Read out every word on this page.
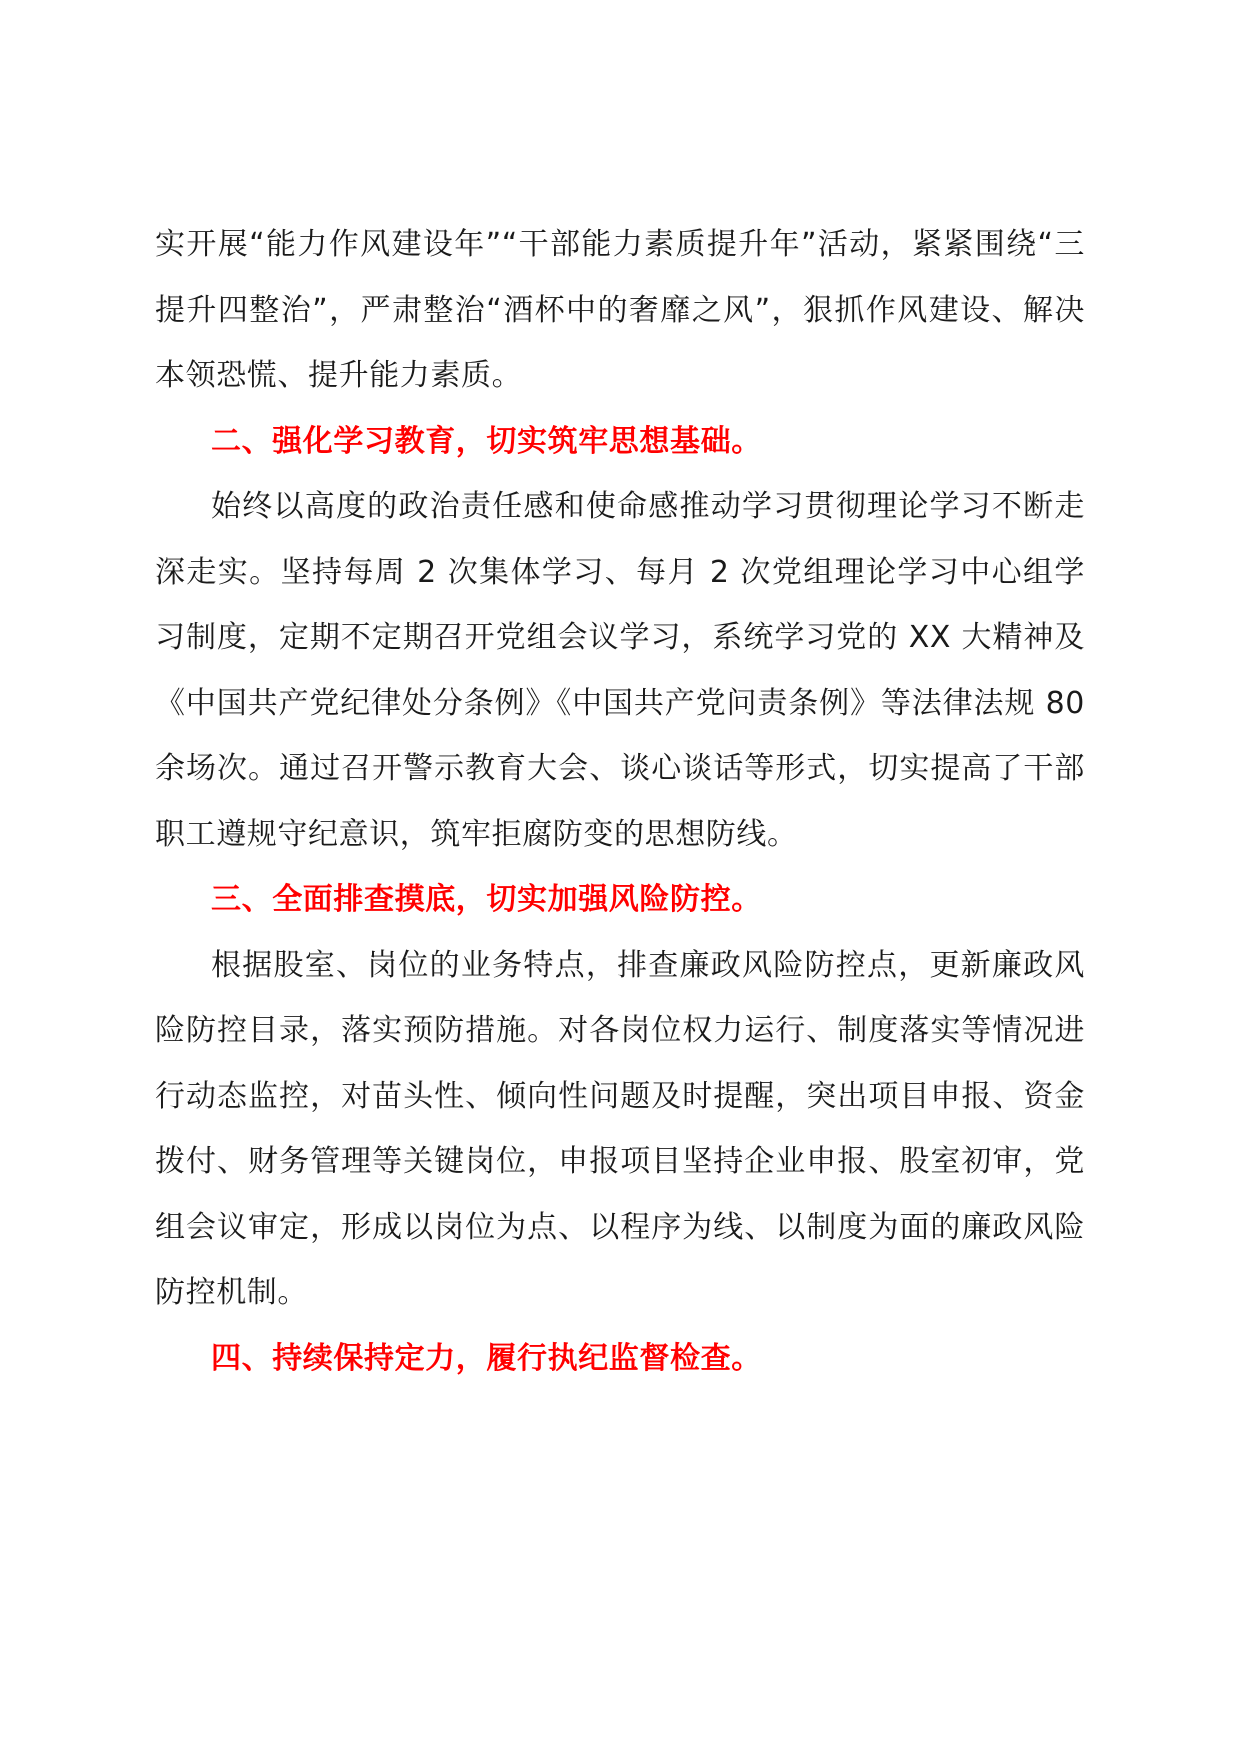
实开展“能力作风建设年”“干部能力素质提升年”活动，紧紧围绕“三提升四整治”，严肃整治“酒杯中的奢靡之风”，狠抓作风建设、解决本领恐慌、提升能力素质。

二、强化学习教育，切实筑牢思想基础。

始终以高度的政治责任感和使命感推动学习贯彻理论学习不断走深走实。坚持每周 2 次集体学习、每月 2 次党组理论学习中心组学习制度，定期不定期召开党组会议学习，系统学习党的 XX 大精神及《中国共产党纪律处分条例》《中国共产党问责条例》等法律法规 80 余场次。通过召开警示教育大会、谈心谈话等形式，切实提高了干部职工遵规守纪意识，筑牢拒腐防变的思想防线。

三、全面排查摸底，切实加强风险防控。

根据股室、岗位的业务特点，排查廉政风险防控点，更新廉政风险防控目录，落实预防措施。对各岗位权力运行、制度落实等情况进行动态监控，对苗头性、倾向性问题及时提醒，突出项目申报、资金拨付、财务管理等关键岗位，申报项目坚持企业申报、股室初审，党组会议审定，形成以岗位为点、以程序为线、以制度为面的廉政风险防控机制。

四、持续保持定力，履行执纪监督检查。
